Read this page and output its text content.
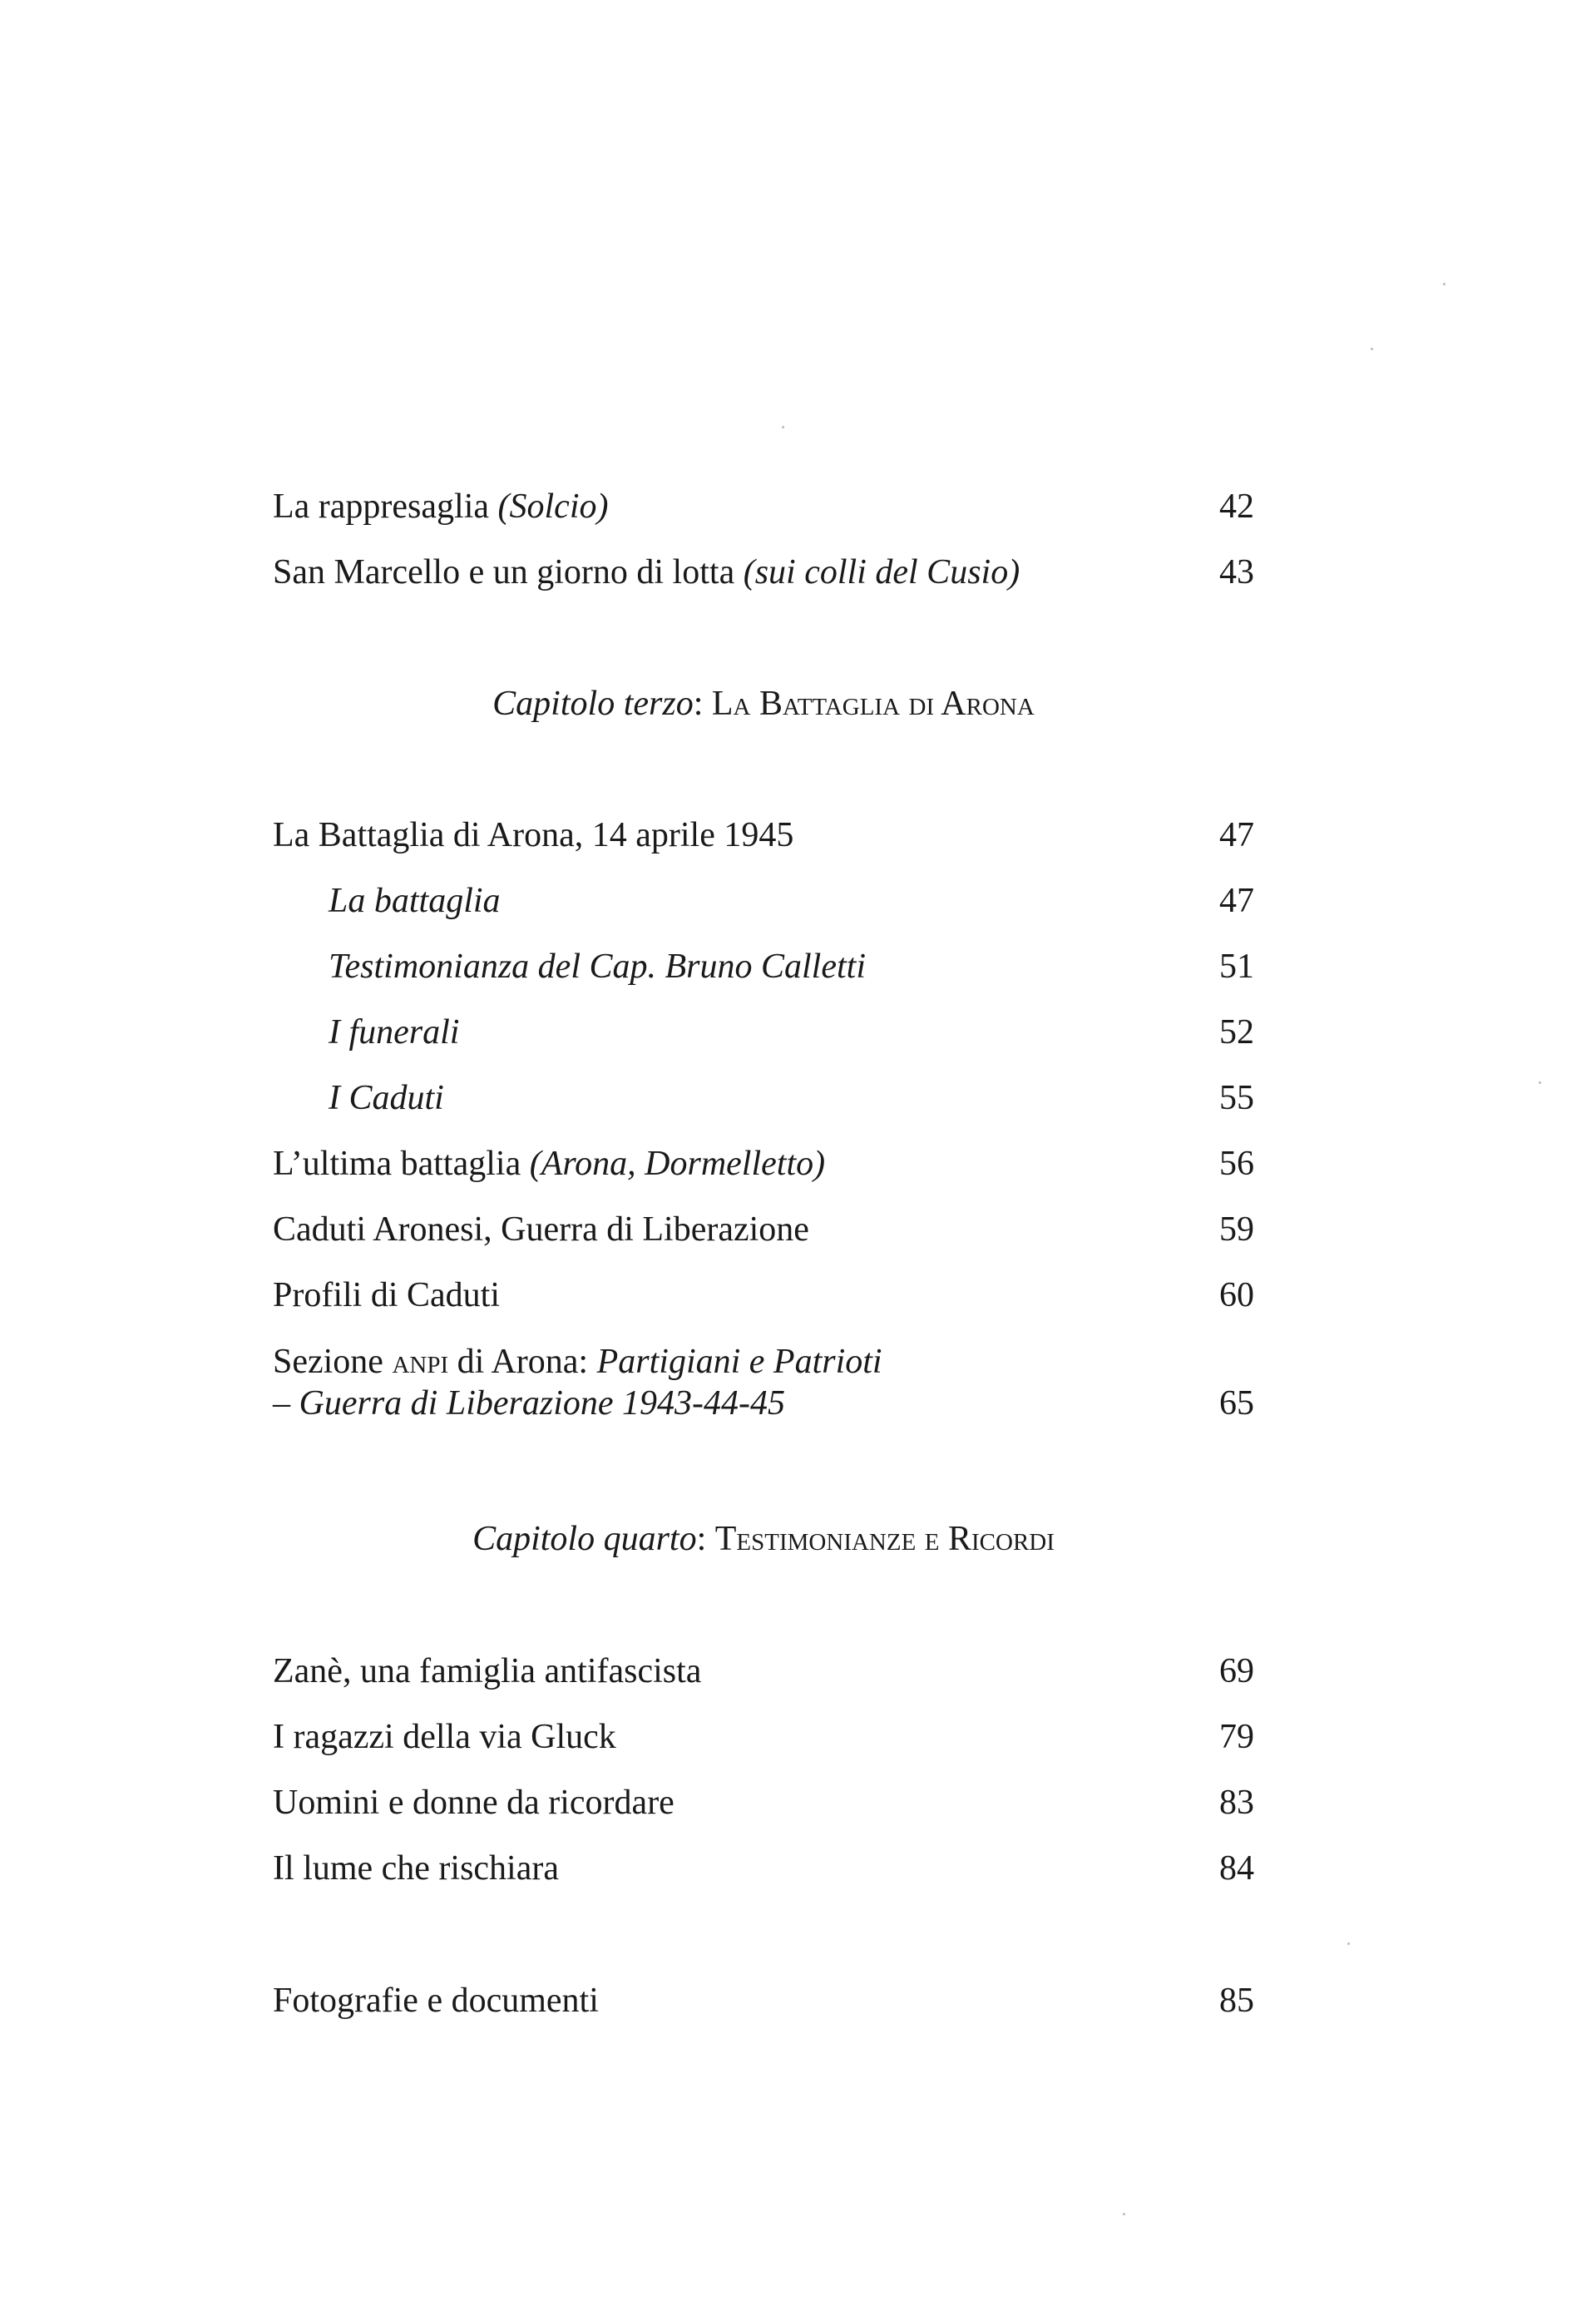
La rappresaglia (Solcio)	42
San Marcello e un giorno di lotta (sui colli del Cusio)	43
Capitolo terzo: La Battaglia di Arona
La Battaglia di Arona, 14 aprile 1945	47
La battaglia	47
Testimonianza del Cap. Bruno Calletti	51
I funerali	52
I Caduti	55
L’ultima battaglia (Arona, Dormelletto)	56
Caduti Aronesi, Guerra di Liberazione	59
Profili di Caduti	60
Sezione anpi di Arona: Partigiani e Patrioti
– Guerra di Liberazione 1943-44-45	65
Capitolo quarto: Testimonianze e Ricordi
Zanè, una famiglia antifascista	69
I ragazzi della via Gluck	79
Uomini e donne da ricordare	83
Il lume che rischiara	84
Fotografie e documenti	85
